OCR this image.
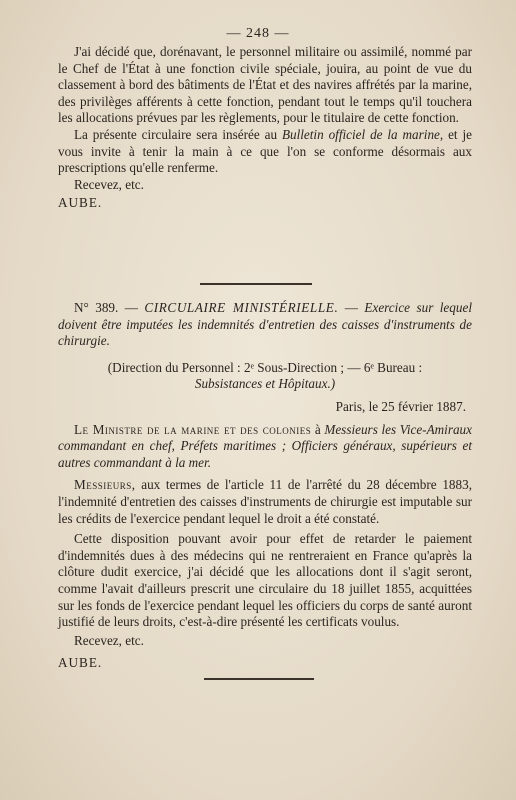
— 248 —

J'ai décidé que, dorénavant, le personnel militaire ou assimilé, nommé par le Chef de l'État à une fonction civile spéciale, jouira, au point de vue du classement à bord des bâtiments de l'État et des navires affrétés par la marine, des privilèges afférents à cette fonction, pendant tout le temps qu'il touchera les allocations prévues par les règlements, pour le titulaire de cette fonction.

La présente circulaire sera insérée au Bulletin officiel de la marine, et je vous invite à tenir la main à ce que l'on se conforme désormais aux prescriptions qu'elle renferme.

Recevez, etc.

AUBE.

N° 389. — CIRCULAIRE MINISTÉRIELLE. — Exercice sur lequel doivent être imputées les indemnités d'entretien des caisses d'instruments de chirurgie.

(Direction du Personnel : 2ᵉ Sous-Direction ; — 6ᵉ Bureau :

Subsistances et Hôpitaux.)

Paris, le 25 février 1887.

Le Ministre de la marine et des colonies à Messieurs les Vice-Amiraux commandant en chef, Préfets maritimes ; Officiers généraux, supérieurs et autres commandant à la mer.

Messieurs, aux termes de l'article 11 de l'arrêté du 28 décembre 1883, l'indemnité d'entretien des caisses d'instruments de chirurgie est imputable sur les crédits de l'exercice pendant lequel le droit a été constaté.

Cette disposition pouvant avoir pour effet de retarder le paiement d'indemnités dues à des médecins qui ne rentreraient en France qu'après la clôture dudit exercice, j'ai décidé que les allocations dont il s'agit seront, comme l'avait d'ailleurs prescrit une circulaire du 18 juillet 1855, acquittées sur les fonds de l'exercice pendant lequel les officiers du corps de santé auront justifié de leurs droits, c'est-à-dire présenté les certificats voulus.

Recevez, etc.

AUBE.
